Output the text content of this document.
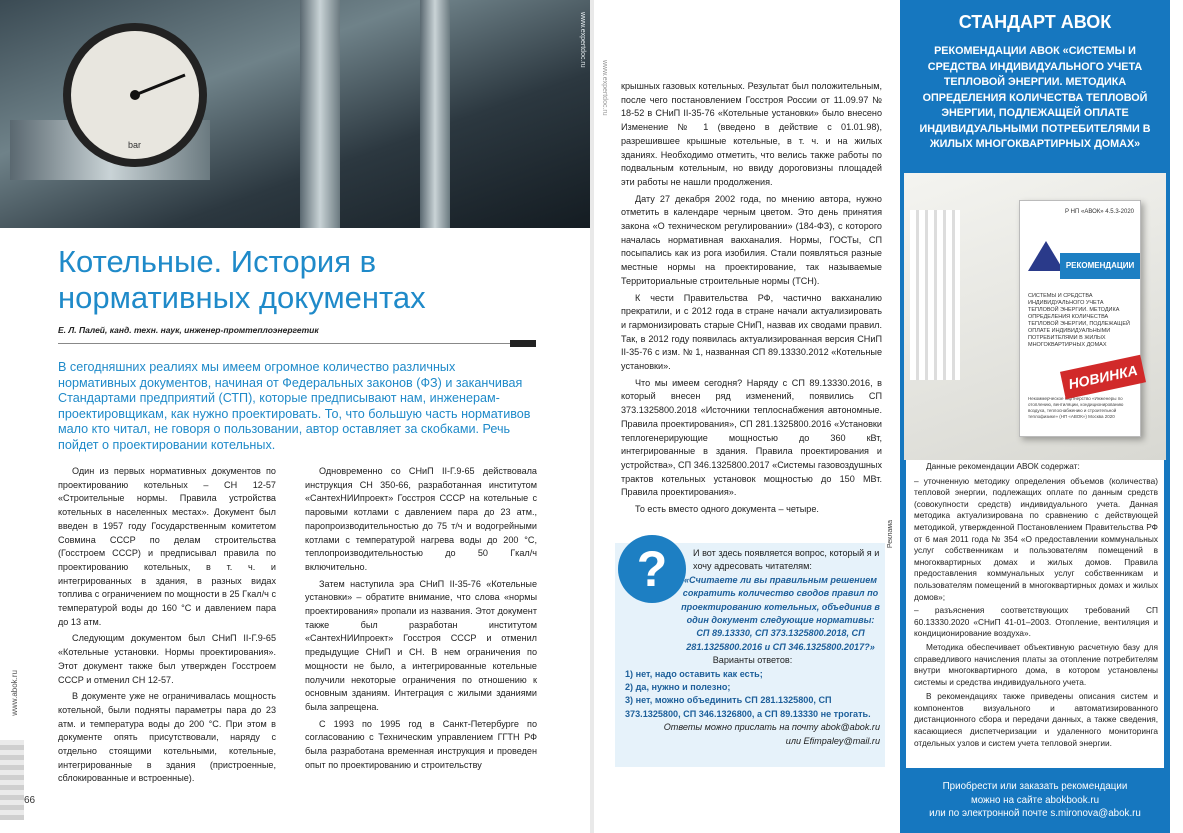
bar
www.expertdoc.ru
Котельные. История в нормативных документах
Е. Л. Палей, канд. техн. наук, инженер-промтеплоэнергетик

В сегодняшних реалиях мы имеем огромное количество различных нормативных документов, начиная от Федеральных законов (ФЗ) и заканчивая Стандартами предприятий (СТП), которые предписывают нам, инженерам-проектировщикам, как нужно проектировать. То, что большую часть нормативов мало кто читал, не говоря о пользовании, автор оставляет за скобками. Речь пойдет о проектировании котельных.

Один из первых нормативных документов по проектированию котельных – СН 12-57 «Строительные нормы. Правила устройства котельных в населенных местах». Документ был введен в 1957 году Государственным комитетом Совмина СССР по делам строительства (Госстроем СССР) и предписывал правила по проектированию котельных, в т. ч. и интегрированных в здания, в разных видах топлива с ограничением по мощности в 25 Гкал/ч с температурой воды до 160 °С и давлением пара до 13 атм.

Следующим документом был СНиП II-Г.9-65 «Котельные установки. Нормы проектирования». Этот документ также был утвержден Госстроем СССР и отменил СН 12-57.

В документе уже не ограничивалась мощность котельной, были подняты параметры пара до 23 атм. и температура воды до 200 °С. При этом в документе опять присутствовали, наряду с отдельно стоящими котельными, котельные, интегрированные в здания (пристроенные, сблокированные и встроенные).

Одновременно со СНиП II-Г.9-65 действовала инструкция СН 350-66, разработанная институтом «СантехНИИпроект» Госстроя СССР на котельные с паровыми котлами с давлением пара до 23 атм., паропроизводительностью до 75 т/ч и водогрейными котлами с температурой нагрева воды до 200 °С, теплопроизводительностью до 50 Гкал/ч включительно.

Затем наступила эра СНиП II-35-76 «Котельные установки» – обратите внимание, что слова «нормы проектирования» пропали из названия. Этот документ также был разработан институтом «СантехНИИпроект» Госстроя СССР и отменил предыдущие СНиП и СН. В нем ограничения по мощности не было, а интегрированные котельные получили некоторые ограничения по отношению к основным зданиям. Интеграция с жилыми зданиями была запрещена.

С 1993 по 1995 год в Санкт-Петербурге по согласованию с Техническим управлением ГГТН РФ была разработана временная инструкция и проведен опыт по проектированию и строительству

www.abok.ru
66
www.expertdoc.ru крышных газовых котельных. Результат был положительным, после чего постановлением Госстроя России от 11.09.97 № 18-52 в СНиП II-35-76 «Котельные установки» было внесено Изменение № 1 (введено в действие с 01.01.98), разрешившее крышные котельные, в т. ч. и на жилых зданиях. Необходимо отметить, что велись также работы по подвальным котельным, но ввиду дороговизны площадей эти работы не нашли продолжения.

Дату 27 декабря 2002 года, по мнению автора, нужно отметить в календаре черным цветом. Это день принятия закона «О техническом регулировании» (184-ФЗ), с которого началась нормативная вакханалия. Нормы, ГОСТы, СП посыпались как из рога изобилия. Стали появляться разные местные нормы на проектирование, так называемые Территориальные строительные нормы (ТСН).

К чести Правительства РФ, частично вакханалию прекратили, и с 2012 года в стране начали актуализировать и гармонизировать старые СНиП, назвав их сводами правил. Так, в 2012 году появилась актуализированная версия СНиП II-35-76 с изм. № 1, названная СП 89.13330.2012 «Котельные установки».

Что мы имеем сегодня? Наряду с СП 89.13330.2016, в который внесен ряд изменений, появились СП 373.1325800.2018 «Источники теплоснабжения автономные. Правила проектирования», СП 281.1325800.2016 «Установки теплогенерирующие мощностью до 360 кВт, интегрированные в здания. Правила проектирования и устройства», СП 346.1325800.2017 «Системы газовоздушных трактов котельных установок мощностью до 150 МВт. Правила проектирования».

То есть вместо одного документа – четыре.

?	И вот здесь появляется вопрос, который я и хочу адресовать читателям:

«Считаете ли вы правильным решением сократить количество сводов правил по проектированию котельных, объединив в один документ следующие нормативы: СП 89.13330, СП 373.1325800.2018, СП 281.1325800.2016 и СП 346.1325800.2017?»

Варианты ответов:

1) нет, надо оставить как есть;

2) да, нужно и полезно;

3) нет, можно объединить СП 281.1325800, СП 373.1325800, СП 346.1326800, а СП 89.13330 не трогать.

Ответы можно прислать на почту abok@abok.ru

или Efimpaley@mail.ru

Реклама
СТАНДАРТ АВОК
РЕКОМЕНДАЦИИ АВОК «СИСТЕМЫ И СРЕДСТВА ИНДИВИДУАЛЬНОГО УЧЕТА ТЕПЛОВОЙ ЭНЕРГИИ. МЕТОДИКА ОПРЕДЕЛЕНИЯ КОЛИЧЕСТВА ТЕПЛОВОЙ ЭНЕРГИИ, ПОДЛЕЖАЩЕЙ ОПЛАТЕ ИНДИВИДУАЛЬНЫМИ ПОТРЕБИТЕЛЯМИ В ЖИЛЫХ МНОГОКВАРТИРНЫХ ДОМАХ»
Р НП «АВОК» 4.5.3-2020
РЕКОМЕНДАЦИИ АВОК
СИСТЕМЫ И СРЕДСТВА ИНДИВИДУАЛЬНОГО УЧЕТА ТЕПЛОВОЙ ЭНЕРГИИ. МЕТОДИКА ОПРЕДЕЛЕНИЯ КОЛИЧЕСТВА ТЕПЛОВОЙ ЭНЕРГИИ, ПОДЛЕЖАЩЕЙ ОПЛАТЕ ИНДИВИДУАЛЬНЫМИ ПОТРЕБИТЕЛЯМИ В ЖИЛЫХ МНОГОКВАРТИРНЫХ ДОМАХ
Некоммерческое партнерство «Инженеры по отоплению, вентиляции, кондиционированию воздуха, теплоснабжению и строительной теплофизике» (НП «АВОК») Москва 2020
НОВИНКА

Данные рекомендации АВОК содержат:

– уточненную методику определения объемов (количества) тепловой энергии, подлежащих оплате по данным средств (совокупности средств) индивидуального учета. Данная методика актуализирована по сравнению с действующей методикой, утвержденной Постановлением Правительства РФ от 6 мая 2011 года № 354 «О предоставлении коммунальных услуг собственникам и пользователям помещений в многоквартирных домах и жилых домов. Правила предоставления коммунальных услуг собственникам и пользователям помещений в многоквартирных домах и жилых домов»;
– разъяснения соответствующих требований СП 60.13330.2020 «СНиП 41-01–2003. Отопление, вентиляция и кондиционирование воздуха».

Методика обеспечивает объективную расчетную базу для справедливого начисления платы за отопление потребителям внутри многоквартирного дома, в котором установлены системы и средства индивидуального учета.

В рекомендациях также приведены описания систем и компонентов визуального и автоматизированного дистанционного сбора и передачи данных, а также сведения, касающиеся диспетчеризации и удаленного мониторинга отдельных узлов и систем учета тепловой энергии.

Приобрести или заказать рекомендации
можно на сайте abokbook.ru
или по электронной почте s.mironova@abok.ru
